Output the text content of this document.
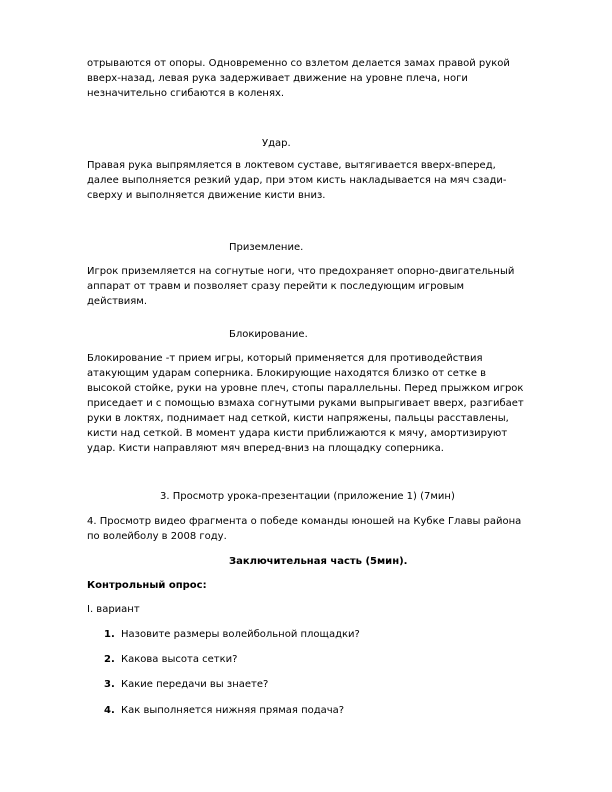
отрываются от опоры. Одновременно со взлетом делается замах правой рукой вверх-назад, левая рука задерживает движение на уровне плеча, ноги незначительно сгибаются в коленях.

Удар.

Правая рука выпрямляется в локтевом суставе, вытягивается вверх-вперед, далее выполняется резкий удар, при этом кисть накладывается на мяч сзади-сверху и выполняется движение кисти вниз.

Приземление.

Игрок приземляется на согнутые ноги, что предохраняет опорно-двигательный аппарат от травм и позволяет сразу перейти к последующим игровым действиям.

Блокирование.

Блокирование -т прием игры, который применяется для противодействия атакующим ударам соперника. Блокирующие находятся близко от сетке в высокой стойке, руки на уровне плеч, стопы параллельны. Перед прыжком игрок приседает и с помощью взмаха согнутыми руками выпрыгивает вверх, разгибает руки в локтях, поднимает над сеткой, кисти напряжены, пальцы расставлены, кисти над сеткой. В момент удара кисти приближаются к мячу, амортизируют удар. Кисти направляют мяч вперед-вниз на площадку соперника.

3. Просмотр урока-презентации (приложение 1) (7мин)

4. Просмотр видео фрагмента о победе команды юношей на Кубке Главы района по волейболу в 2008 году.

Заключительная часть (5мин).

Контрольный опрос:

I. вариант

1. Назовите размеры волейбольной площадки?
2. Какова высота сетки?
3. Какие передачи вы знаете?
4. Как выполняется нижняя прямая подача?
